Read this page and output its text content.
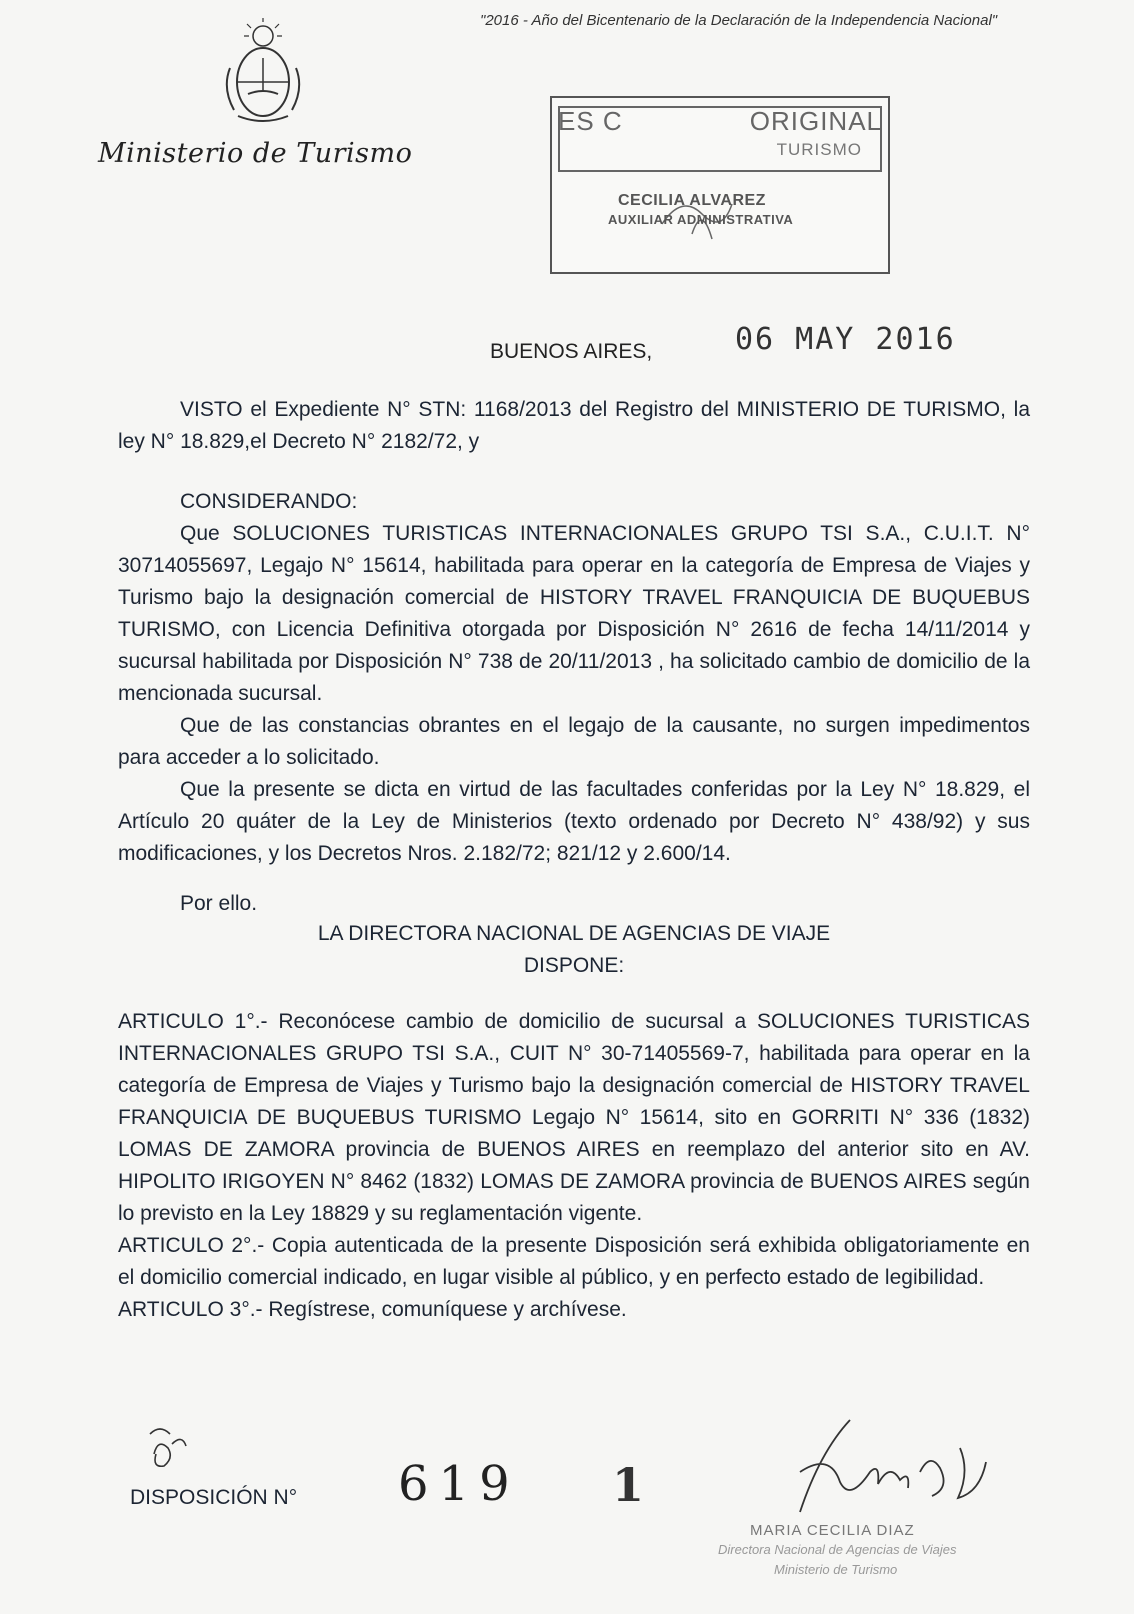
"2016 - Año del Bicentenario de la Declaración de la Independencia Nacional"
Ministerio de Turismo
ES C	ORIGINAL
TURISMO
CECILIA ALVAREZ
AUXILIAR ADMINISTRATIVA
BUENOS AIRES,	06 MAY 2016

VISTO el Expediente N° STN: 1168/2013 del Registro del MINISTERIO DE TURISMO, la ley N° 18.829,el Decreto N° 2182/72, y

CONSIDERANDO:

Que SOLUCIONES TURISTICAS INTERNACIONALES GRUPO TSI S.A., C.U.I.T. N° 30714055697, Legajo N° 15614, habilitada para operar en la categoría de Empresa de Viajes y Turismo bajo la designación comercial de HISTORY TRAVEL FRANQUICIA DE BUQUEBUS TURISMO, con Licencia Definitiva otorgada por Disposición N° 2616 de fecha 14/11/2014 y sucursal habilitada por Disposición N° 738 de 20/11/2013 , ha solicitado cambio de domicilio de la mencionada sucursal.

Que de las constancias obrantes en el legajo de la causante, no surgen impedimentos para acceder a lo solicitado.

Que la presente se dicta en virtud de las facultades conferidas por la Ley N° 18.829, el Artículo 20 quáter de la Ley de Ministerios (texto ordenado por Decreto N° 438/92) y sus modificaciones, y los Decretos Nros. 2.182/72; 821/12 y 2.600/14.

Por ello.

LA DIRECTORA NACIONAL DE AGENCIAS DE VIAJE
DISPONE:

ARTICULO 1°.- Reconócese cambio de domicilio de sucursal a SOLUCIONES TURISTICAS INTERNACIONALES GRUPO TSI S.A., CUIT N° 30-71405569-7, habilitada para operar en la categoría de Empresa de Viajes y Turismo bajo la designación comercial de HISTORY TRAVEL FRANQUICIA DE BUQUEBUS TURISMO Legajo N° 15614, sito en GORRITI N° 336 (1832) LOMAS DE ZAMORA provincia de BUENOS AIRES en reemplazo del anterior sito en AV. HIPOLITO IRIGOYEN N° 8462 (1832) LOMAS DE ZAMORA provincia de BUENOS AIRES según lo previsto en la Ley 18829 y su reglamentación vigente.

ARTICULO 2°.- Copia autenticada de la presente Disposición será exhibida obligatoriamente en el domicilio comercial indicado, en lugar visible al público, y en perfecto estado de legibilidad.

ARTICULO 3°.- Regístrese, comuníquese y archívese.

DISPOSICIÓN N° 619 1
MARIA CECILIA DIAZ
Directora Nacional de Agencias de Viajes
Ministerio de Turismo
